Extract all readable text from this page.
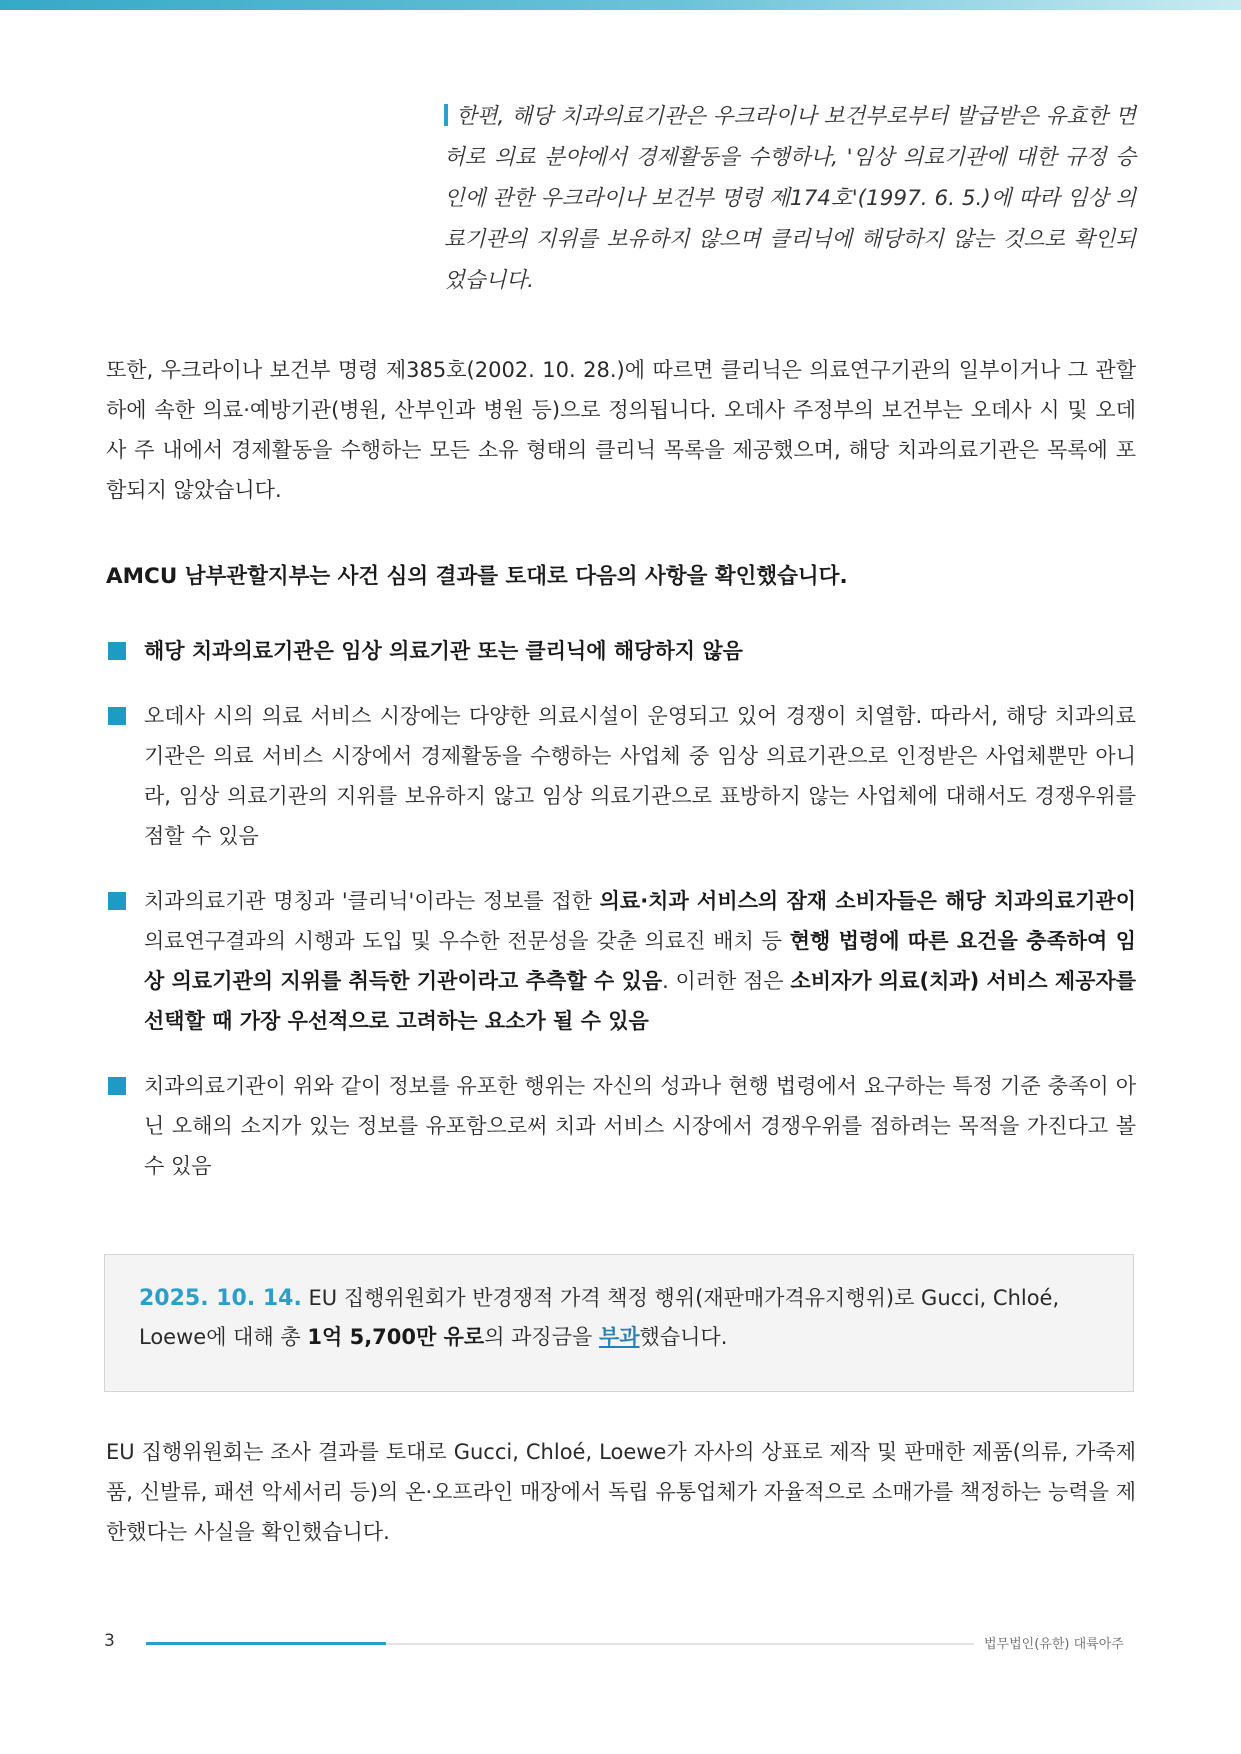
한편, 해당 치과의료기관은 우크라이나 보건부로부터 발급받은 유효한 면허로 의료 분야에서 경제활동을 수행하나, '임상 의료기관에 대한 규정 승인에 관한 우크라이나 보건부 명령 제174호'(1997. 6. 5.)에 따라 임상 의료기관의 지위를 보유하지 않으며 클리닉에 해당하지 않는 것으로 확인되었습니다.

또한, 우크라이나 보건부 명령 제385호(2002. 10. 28.)에 따르면 클리닉은 의료연구기관의 일부이거나 그 관할 하에 속한 의료·예방기관(병원, 산부인과 병원 등)으로 정의됩니다. 오데사 주정부의 보건부는 오데사 시 및 오데사 주 내에서 경제활동을 수행하는 모든 소유 형태의 클리닉 목록을 제공했으며, 해당 치과의료기관은 목록에 포함되지 않았습니다.

AMCU 남부관할지부는 사건 심의 결과를 토대로 다음의 사항을 확인했습니다.

해당 치과의료기관은 임상 의료기관 또는 클리닉에 해당하지 않음
오데사 시의 의료 서비스 시장에는 다양한 의료시설이 운영되고 있어 경쟁이 치열함. 따라서, 해당 치과의료기관은 의료 서비스 시장에서 경제활동을 수행하는 사업체 중 임상 의료기관으로 인정받은 사업체뿐만 아니라, 임상 의료기관의 지위를 보유하지 않고 임상 의료기관으로 표방하지 않는 사업체에 대해서도 경쟁우위를 점할 수 있음
치과의료기관 명칭과 '클리닉'이라는 정보를 접한 의료·치과 서비스의 잠재 소비자들은 해당 치과의료기관이 의료연구결과의 시행과 도입 및 우수한 전문성을 갖춘 의료진 배치 등 현행 법령에 따른 요건을 충족하여 임상 의료기관의 지위를 취득한 기관이라고 추측할 수 있음. 이러한 점은 소비자가 의료(치과) 서비스 제공자를 선택할 때 가장 우선적으로 고려하는 요소가 될 수 있음
치과의료기관이 위와 같이 정보를 유포한 행위는 자신의 성과나 현행 법령에서 요구하는 특정 기준 충족이 아닌 오해의 소지가 있는 정보를 유포함으로써 치과 서비스 시장에서 경쟁우위를 점하려는 목적을 가진다고 볼 수 있음
2025. 10. 14. EU 집행위원회가 반경쟁적 가격 책정 행위(재판매가격유지행위)로 Gucci, Chloé, Loewe에 대해 총 1억 5,700만 유로의 과징금을 부과했습니다.

EU 집행위원회는 조사 결과를 토대로 Gucci, Chloé, Loewe가 자사의 상표로 제작 및 판매한 제품(의류, 가죽제품, 신발류, 패션 악세서리 등)의 온·오프라인 매장에서 독립 유통업체가 자율적으로 소매가를 책정하는 능력을 제한했다는 사실을 확인했습니다.

3	법무법인(유한) 대륙아주
